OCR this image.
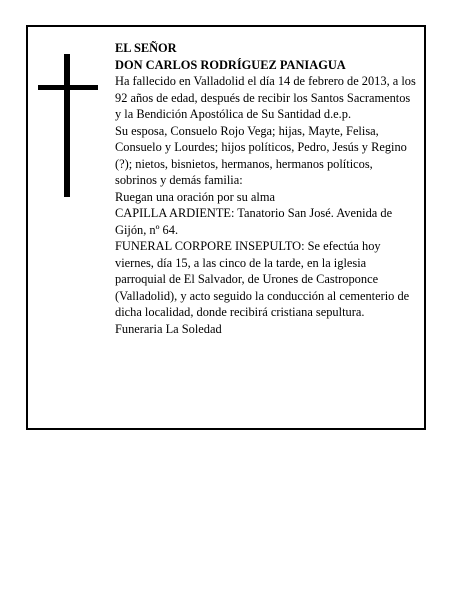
EL SEÑOR

DON CARLOS RODRÍGUEZ PANIAGUA

Ha fallecido en Valladolid el día 14 de febrero de 2013, a los 92 años de edad, después de recibir los Santos Sacramentos y la Bendición Apostólica de Su Santidad d.e.p.

Su esposa, Consuelo Rojo Vega; hijas, Mayte, Felisa, Consuelo y Lourdes; hijos políticos, Pedro, Jesús y Regino (?); nietos, bisnietos, hermanos, hermanos políticos, sobrinos y demás familia:

Ruegan una oración por su alma

CAPILLA ARDIENTE: Tanatorio San José. Avenida de Gijón, nº 64.

FUNERAL CORPORE INSEPULTO: Se efectúa hoy viernes, día 15, a las cinco de la tarde, en la iglesia parroquial de El Salvador, de Urones de Castroponce (Valladolid), y acto seguido la conducción al cementerio de dicha localidad, donde recibirá cristiana sepultura.

Funeraria La Soledad
